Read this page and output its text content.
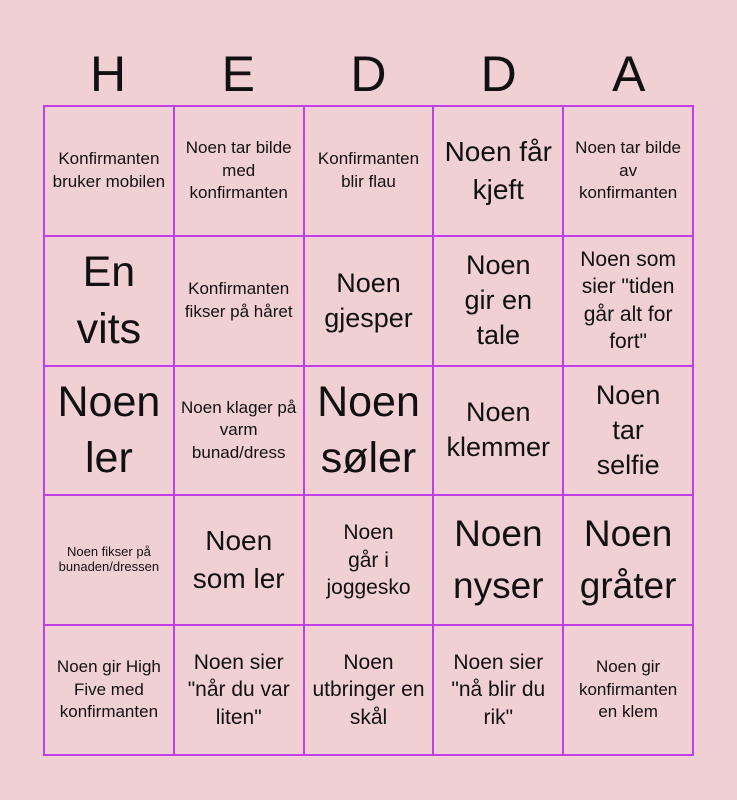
H	E	D	D	A
Konfirmanten bruker mobilen
Noen tar bilde med konfirmanten
Konfirmanten blir flau
Noen får kjeft
Noen tar bilde av konfirmanten
En vits
Konfirmanten fikser på håret
Noen gjesper
Noen gir en tale
Noen som sier "tiden går alt for fort"
Noen ler
Noen klager på varm bunad/dress
Noen søler
Noen klemmer
Noen tar selfie
Noen fikser på bunaden/dressen
Noen som ler
Noen går i joggesko
Noen nyser
Noen gråter
Noen gir High Five med konfirmanten
Noen sier "når du var liten"
Noen utbringer en skål
Noen sier "nå blir du rik"
Noen gir konfirmanten en klem
